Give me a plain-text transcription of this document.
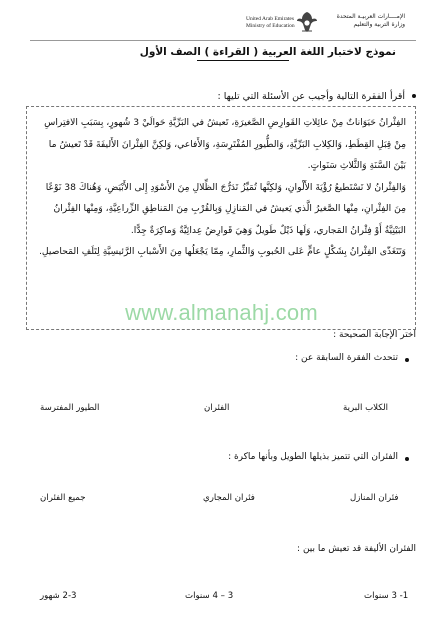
United Arab Emirates
Ministry of Education
الإمــــارات العربيـة المتحدة
وزارة التربية والتعليم
نموذج لاختبار اللغة العربية ( القراءة ) الصف الأول
أقرأ الفقرة التالية وأجيب عن الأسئلة التي تليها :

الفِئْرانُ حَيَوَاناتٌ مِنْ عائِلاتِ القَوارِضِ الصَّغيرَةِ، تَعيشُ في البَرِّيَّةِ حَوالَيْ 3 شُهورٍ، بِسَبَبِ الافتِراسِ مِنْ قِبَلِ القِطَطِ، وَالكِلابِ البَرِّيَّةِ، وَالطُّيورِ المُفْتَرِسَةِ، وَالأَفاعي، وَلكِنَّ الفِئْرانَ الأَليفَةَ قَدْ تَعيشُ ما بَيْنَ السَّنَةِ وَالثَّلاثِ سَنَواتٍ.

وَالفِئْرانُ لا تَسْتَطيعُ رُؤْيَةَ الأَلْوانِ، وَلكِنَّها تُمَيِّزُ تَدَرُّجَ الظِّلالِ مِنَ الأَسْوَدِ إِلى الأَبْيَضِ، وَهُناكَ 38 نَوْعًا مِنَ الفِئْرانِ، مِنْها الصَّغيرُ الَّذي يَعيشُ في المَنازِلِ وَبِالقُرْبِ مِنَ المَناطِقِ الزِّراعِيَّةِ، وَمِنْها الفِئْرانُ البَيْتِيَّةُ أَوْ فِئْرانُ المَجاري، وَلَها ذَيْلٌ طَويلٌ وَهِيَ قَوارِضُ عِدائِيَّةٌ وَماكِرَةٌ جِدًّا.

وَتَتَغَذّى الفِئْرانُ بِشَكْلٍ عامٍّ عَلى الحُبوبِ وَالثِّمارِ، مِمّا يَجْعَلُها مِنَ الأَسْبابِ الرَّئيسِيَّةِ لِتَلَفِ المَحاصيلِ.

www.almanahj.com
اختر الإجابة الصحيحة :
تتحدث الفقرة السابقة عن :
الكلاب البرية
الفئران
الطيور المفترسة
الفئران التي تتميز بذيلها الطويل وبأنها ماكرة :
فئران المنازل
فئران المجاري
جميع الفئران
الفئران الأليفة قد تعيش ما بين :
1- 3 سنوات
3 – 4 سنوات
2-3 شهور
